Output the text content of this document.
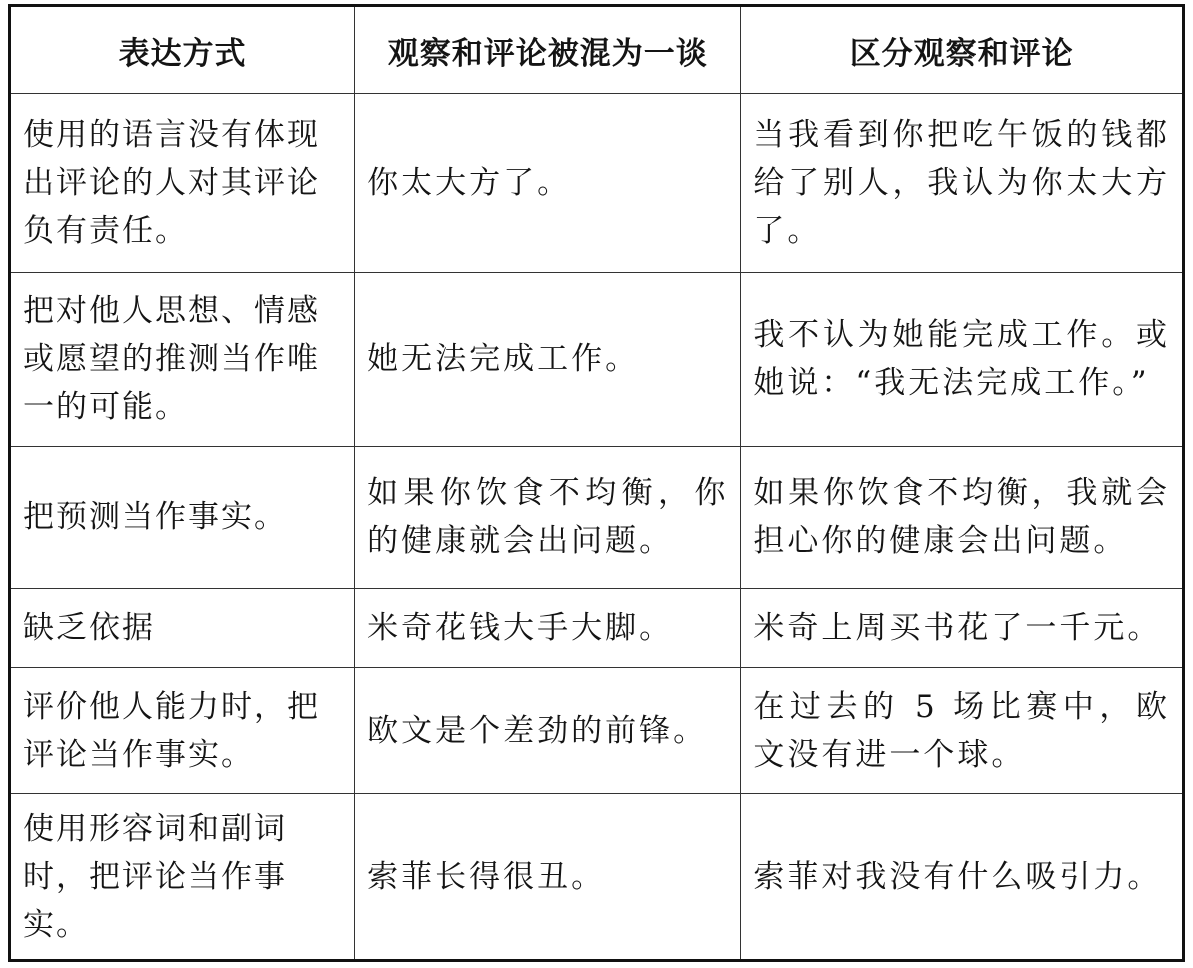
表达方式	观察和评论被混为一谈	区分观察和评论
使用的语言没有体现出评论的人对其评论负有责任。	你太大方了。	当我看到你把吃午饭的钱都给了别人，我认为你太大方了。
把对他人思想、情感或愿望的推测当作唯一的可能。	她无法完成工作。	我不认为她能完成工作。或她说：“我无法完成工作。”
把预测当作事实。	如果你饮食不均衡，你的健康就会出问题。	如果你饮食不均衡，我就会担心你的健康会出问题。
缺乏依据	米奇花钱大手大脚。	米奇上周买书花了一千元。
评价他人能力时，把评论当作事实。	欧文是个差劲的前锋。	在过去的 5 场比赛中，欧文没有进一个球。
使用形容词和副词时，把评论当作事实。	索菲长得很丑。	索菲对我没有什么吸引力。
